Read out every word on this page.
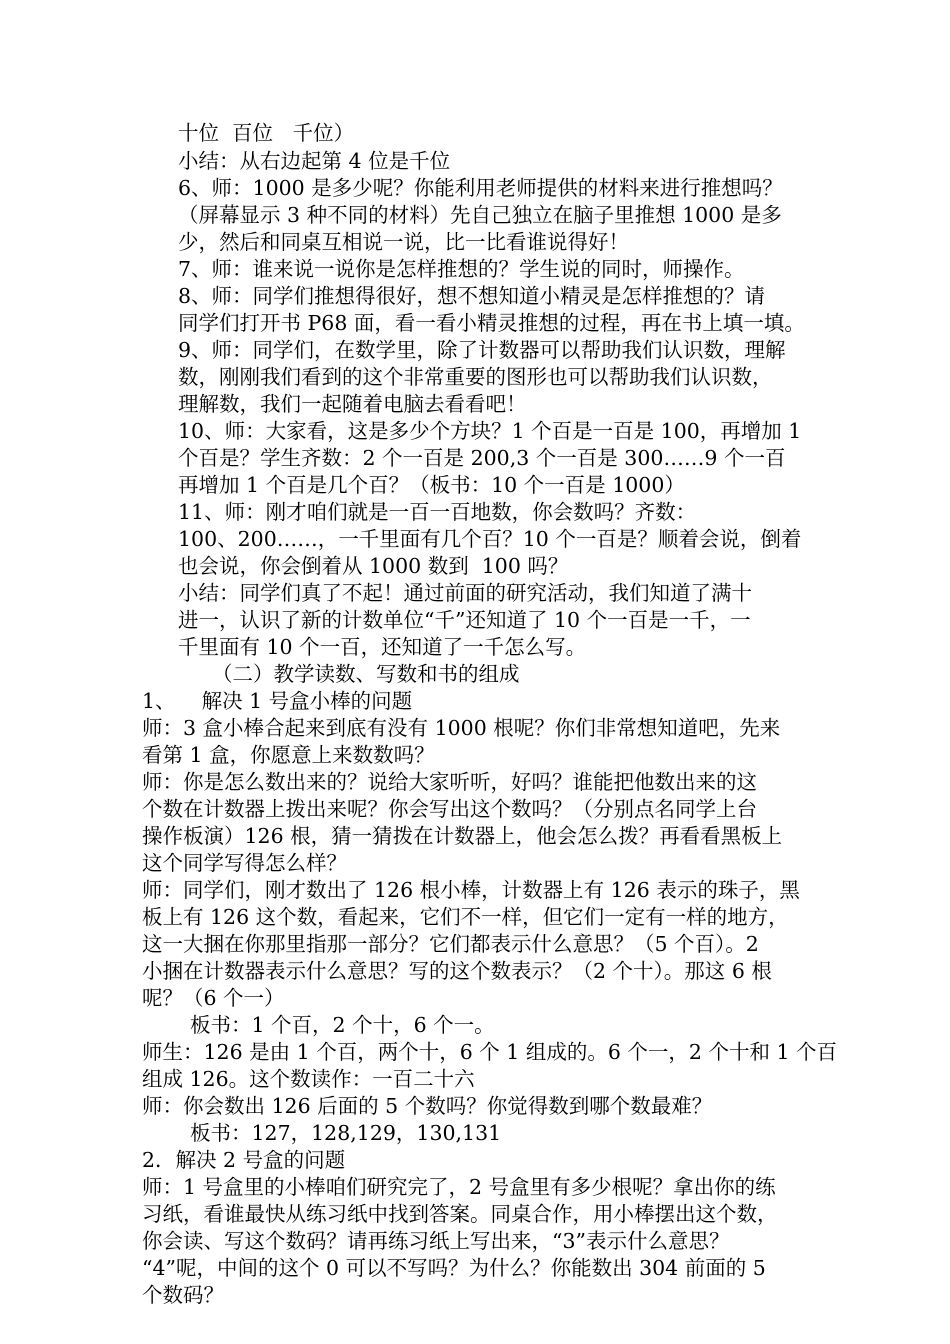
十位  百位   千位）
小结：从右边起第 4 位是千位
6、师：1000 是多少呢？你能利用老师提供的材料来进行推想吗？
（屏幕显示 3 种不同的材料）先自己独立在脑子里推想 1000 是多
少，然后和同桌互相说一说，比一比看谁说得好！
7、师：谁来说一说你是怎样推想的？学生说的同时，师操作。
8、师：同学们推想得很好，想不想知道小精灵是怎样推想的？请
同学们打开书 P68 面，看一看小精灵推想的过程，再在书上填一填。
9、师：同学们，在数学里，除了计数器可以帮助我们认识数，理解
数，刚刚我们看到的这个非常重要的图形也可以帮助我们认识数，
理解数，我们一起随着电脑去看看吧！
10、师：大家看，这是多少个方块？1 个百是一百是 100，再增加 1
个百是？学生齐数：2 个一百是 200,3 个一百是 300……9 个一百
再增加 1 个百是几个百？（板书：10 个一百是 1000）
11、师：刚才咱们就是一百一百地数，你会数吗？齐数：
100、200……，一千里面有几个百？10 个一百是？顺着会说，倒着
也会说，你会倒着从 1000 数到  100 吗？
小结：同学们真了不起！通过前面的研究活动，我们知道了满十
进一，认识了新的计数单位“千”还知道了 10 个一百是一千，一
千里面有 10 个一百，还知道了一千怎么写。
（二）教学读数、写数和书的组成
1、    解决 1 号盒小棒的问题
师：3 盒小棒合起来到底有没有 1000 根呢？你们非常想知道吧，先来
看第 1 盒，你愿意上来数数吗？
师：你是怎么数出来的？说给大家听听，好吗？谁能把他数出来的这
个数在计数器上拨出来呢？你会写出这个数吗？（分别点名同学上台
操作板演）126 根，猜一猜拨在计数器上，他会怎么拨？再看看黑板上
这个同学写得怎么样？
师：同学们，刚才数出了 126 根小棒，计数器上有 126 表示的珠子，黑
板上有 126 这个数，看起来，它们不一样，但它们一定有一样的地方，
这一大捆在你那里指那一部分？它们都表示什么意思？（5 个百）。2
小捆在计数器表示什么意思？写的这个数表示？（2 个十）。那这 6 根
呢？（6 个一）
板书：1 个百，2 个十，6 个一。
师生：126 是由 1 个百，两个十，6 个 1 组成的。6 个一，2 个十和 1 个百
组成 126。这个数读作：一百二十六
师：你会数出 126 后面的 5 个数吗？你觉得数到哪个数最难？
板书：127，128,129，130,131
2．解决 2 号盒的问题
师：1 号盒里的小棒咱们研究完了，2 号盒里有多少根呢？拿出你的练
习纸，看谁最快从练习纸中找到答案。同桌合作，用小棒摆出这个数，
你会读、写这个数码？请再练习纸上写出来，“3”表示什么意思？
“4”呢，中间的这个 0 可以不写吗？为什么？你能数出 304 前面的 5
个数码？
